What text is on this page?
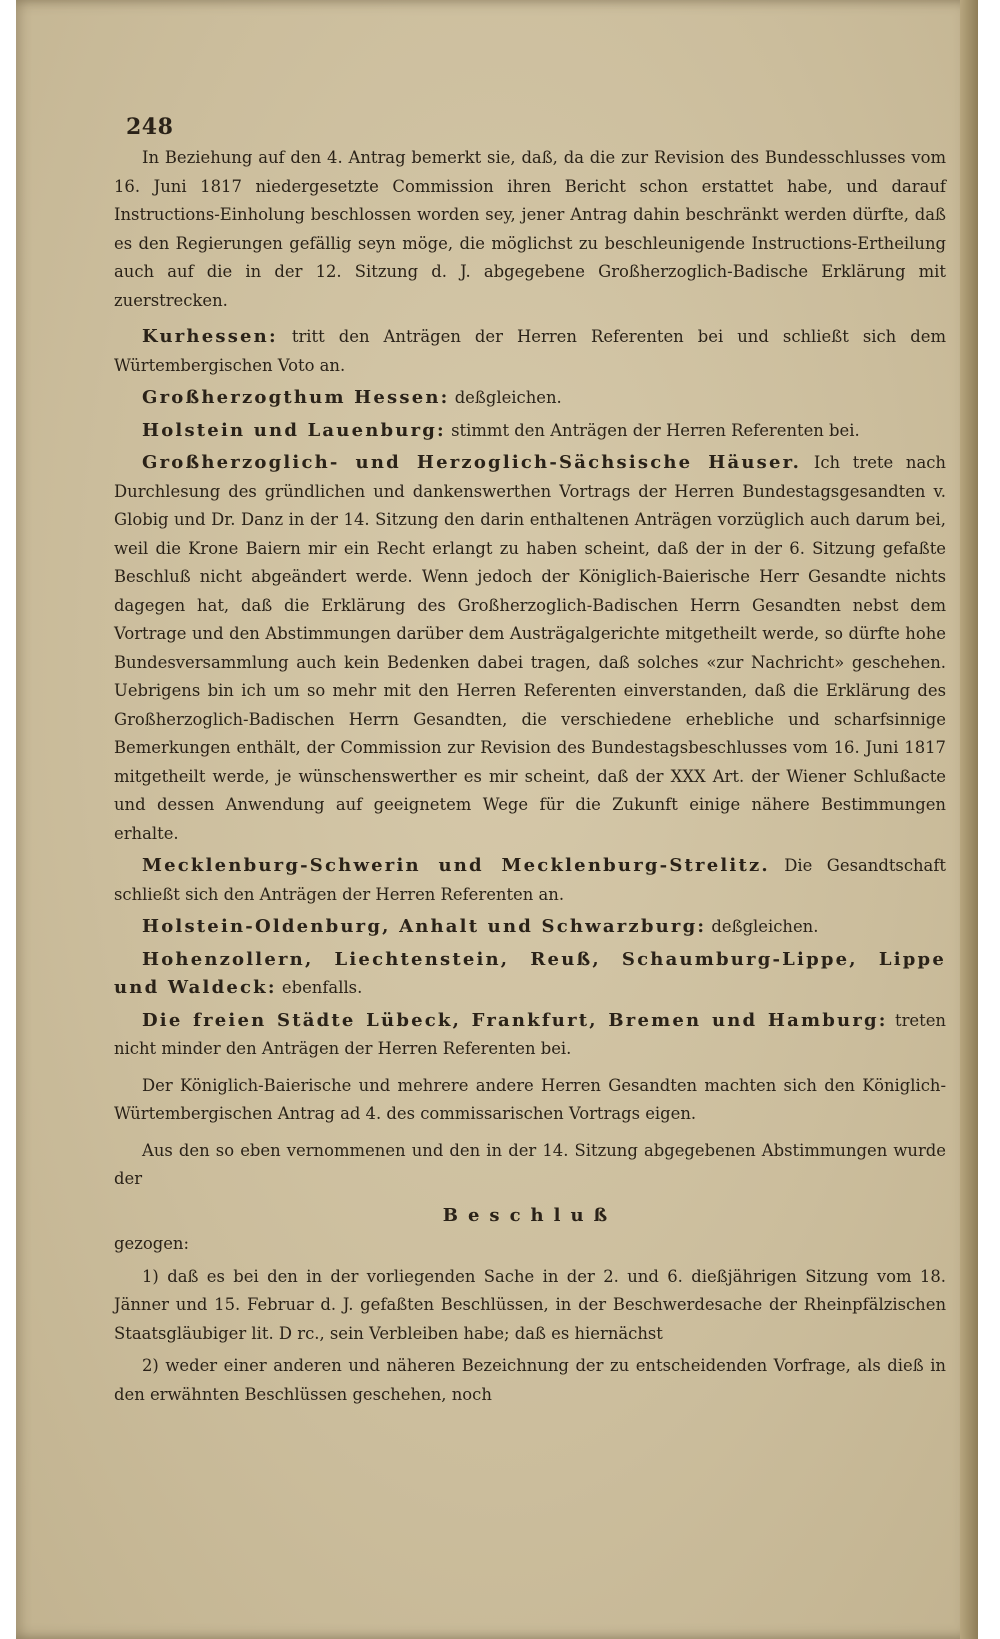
248

In Beziehung auf den 4. Antrag bemerkt sie, daß, da die zur Revision des Bundesschlusses vom 16. Juni 1817 niedergesetzte Commission ihren Bericht schon erstattet habe, und darauf Instructions-Einholung beschlossen worden sey, jener Antrag dahin beschränkt werden dürfte, daß es den Regierungen gefällig seyn möge, die möglichst zu beschleunigende Instructions-Ertheilung auch auf die in der 12. Sitzung d. J. abgegebene Großherzoglich-Badische Erklärung mit zuerstrecken.

Kurhessen: tritt den Anträgen der Herren Referenten bei und schließt sich dem Würtembergischen Voto an.

Großherzogthum Hessen: deßgleichen.

Holstein und Lauenburg: stimmt den Anträgen der Herren Referenten bei.

Großherzoglich- und Herzoglich-Sächsische Häuser. Ich trete nach Durchlesung des gründlichen und dankenswerthen Vortrags der Herren Bundestagsgesandten v. Globig und Dr. Danz in der 14. Sitzung den darin enthaltenen Anträgen vorzüglich auch darum bei, weil die Krone Baiern mir ein Recht erlangt zu haben scheint, daß der in der 6. Sitzung gefaßte Beschluß nicht abgeändert werde. Wenn jedoch der Königlich-Baierische Herr Gesandte nichts dagegen hat, daß die Erklärung des Großherzoglich-Badischen Herrn Gesandten nebst dem Vortrage und den Abstimmungen darüber dem Austrägalgerichte mitgetheilt werde, so dürfte hohe Bundesversammlung auch kein Bedenken dabei tragen, daß solches «zur Nachricht» geschehen. Uebrigens bin ich um so mehr mit den Herren Referenten einverstanden, daß die Erklärung des Großherzoglich-Badischen Herrn Gesandten, die verschiedene erhebliche und scharfsinnige Bemerkungen enthält, der Commission zur Revision des Bundestagsbeschlusses vom 16. Juni 1817 mitgetheilt werde, je wünschenswerther es mir scheint, daß der XXX Art. der Wiener Schlußacte und dessen Anwendung auf geeignetem Wege für die Zukunft einige nähere Bestimmungen erhalte.

Mecklenburg-Schwerin und Mecklenburg-Strelitz. Die Gesandtschaft schließt sich den Anträgen der Herren Referenten an.

Holstein-Oldenburg, Anhalt und Schwarzburg: deßgleichen.

Hohenzollern, Liechtenstein, Reuß, Schaumburg-Lippe, Lippe und Waldeck: ebenfalls.

Die freien Städte Lübeck, Frankfurt, Bremen und Hamburg: treten nicht minder den Anträgen der Herren Referenten bei.

Der Königlich-Baierische und mehrere andere Herren Gesandten machten sich den Königlich-Würtembergischen Antrag ad 4. des commissarischen Vortrags eigen.

Aus den so eben vernommenen und den in der 14. Sitzung abgegebenen Abstimmungen wurde der

Beschluß

gezogen:

1) daß es bei den in der vorliegenden Sache in der 2. und 6. dießjährigen Sitzung vom 18. Jänner und 15. Februar d. J. gefaßten Beschlüssen, in der Beschwerdesache der Rheinpfälzischen Staatsgläubiger lit. D rc., sein Verbleiben habe; daß es hiernächst

2) weder einer anderen und näheren Bezeichnung der zu entscheidenden Vorfrage, als dieß in den erwähnten Beschlüssen geschehen, noch
